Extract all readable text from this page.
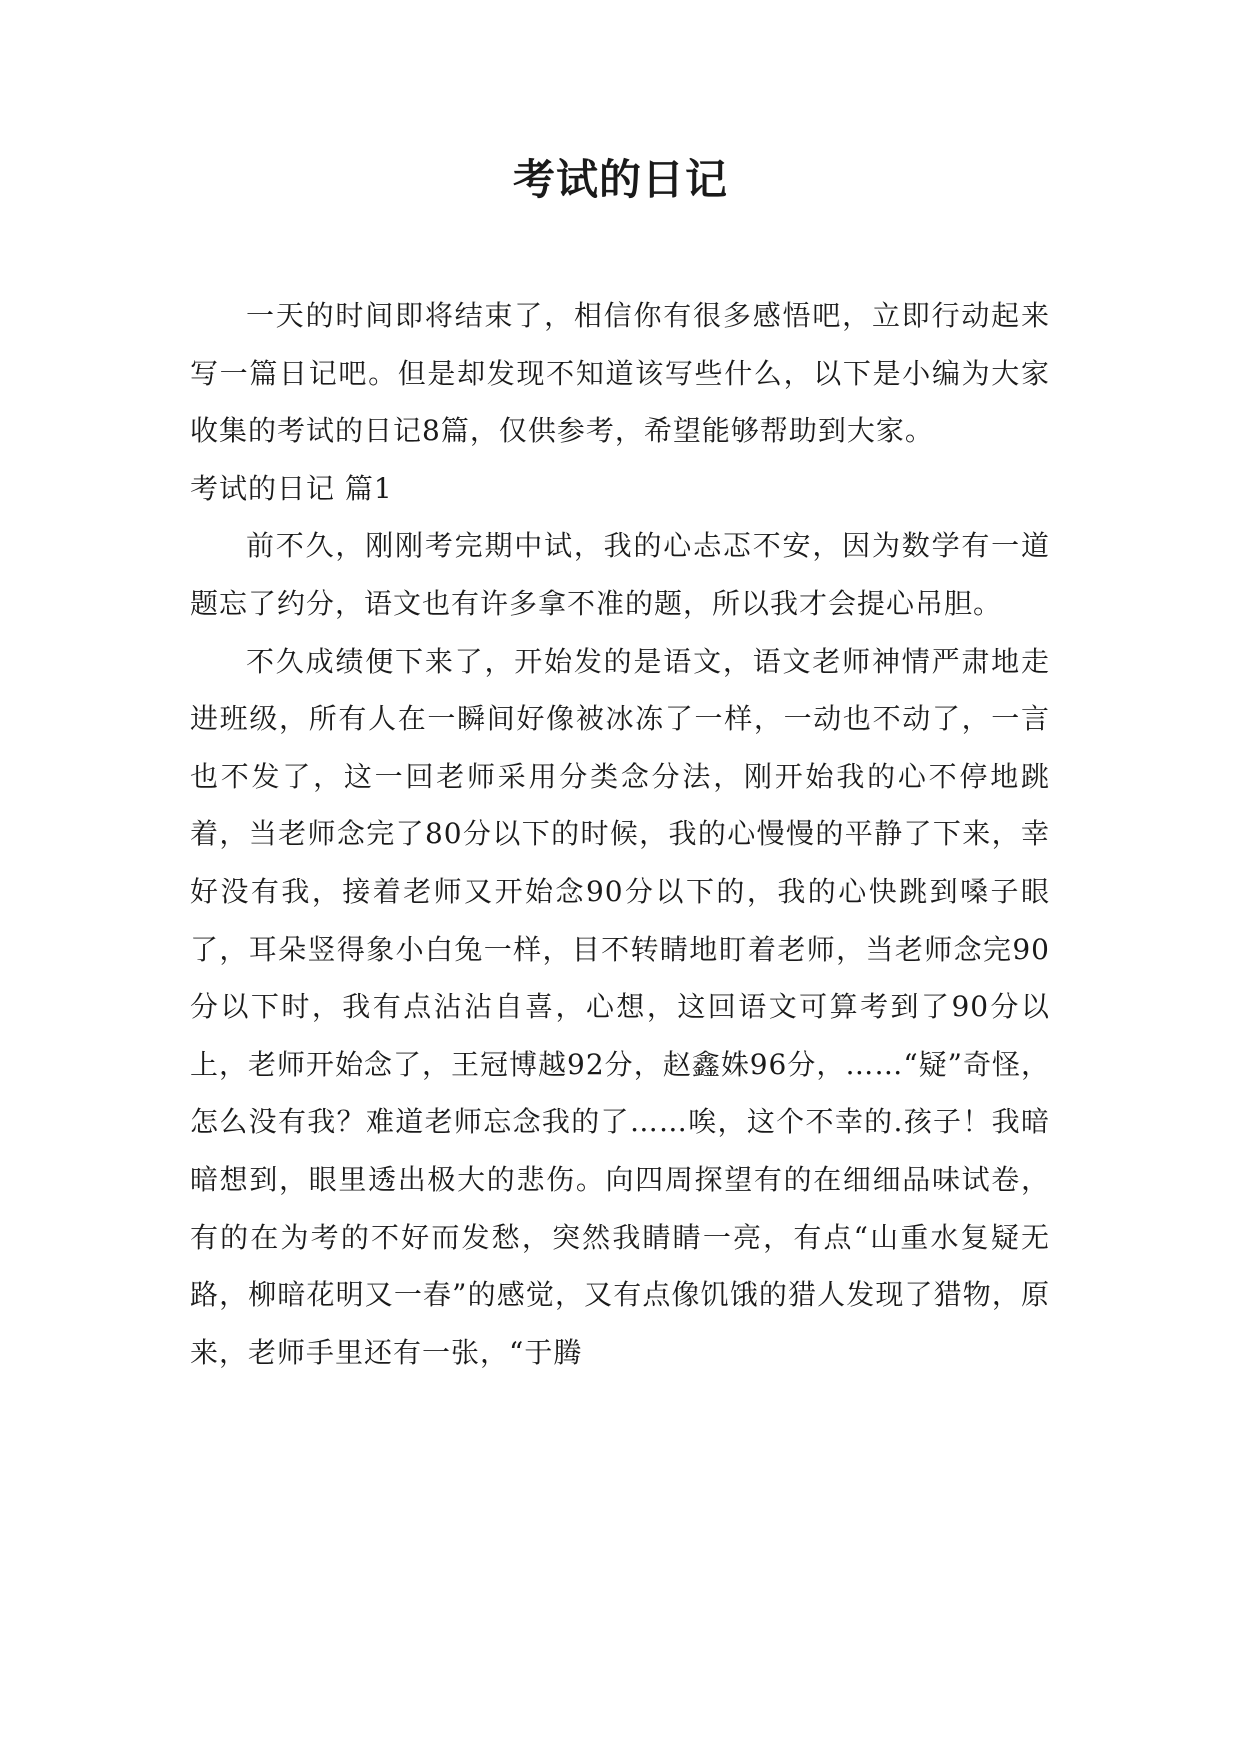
考试的日记

一天的时间即将结束了，相信你有很多感悟吧，立即行动起来写一篇日记吧。但是却发现不知道该写些什么，以下是小编为大家收集的考试的日记8篇，仅供参考，希望能够帮助到大家。

考试的日记 篇1

前不久，刚刚考完期中试，我的心忐忑不安，因为数学有一道题忘了约分，语文也有许多拿不准的题，所以我才会提心吊胆。

不久成绩便下来了，开始发的是语文，语文老师神情严肃地走进班级，所有人在一瞬间好像被冰冻了一样，一动也不动了，一言也不发了，这一回老师采用分类念分法，刚开始我的心不停地跳着，当老师念完了80分以下的时候，我的心慢慢的平静了下来，幸好没有我，接着老师又开始念90分以下的，我的心快跳到嗓子眼了，耳朵竖得象小白兔一样，目不转睛地盯着老师，当老师念完90分以下时，我有点沾沾自喜，心想，这回语文可算考到了90分以上，老师开始念了，王冠博越92分，赵鑫姝96分，……“疑”奇怪，怎么没有我？难道老师忘念我的了……唉，这个不幸的.孩子！我暗暗想到，眼里透出极大的悲伤。向四周探望有的在细细品味试卷，有的在为考的不好而发愁，突然我睛睛一亮，有点“山重水复疑无路，柳暗花明又一春”的感觉，又有点像饥饿的猎人发现了猎物，原来，老师手里还有一张，“于腾
